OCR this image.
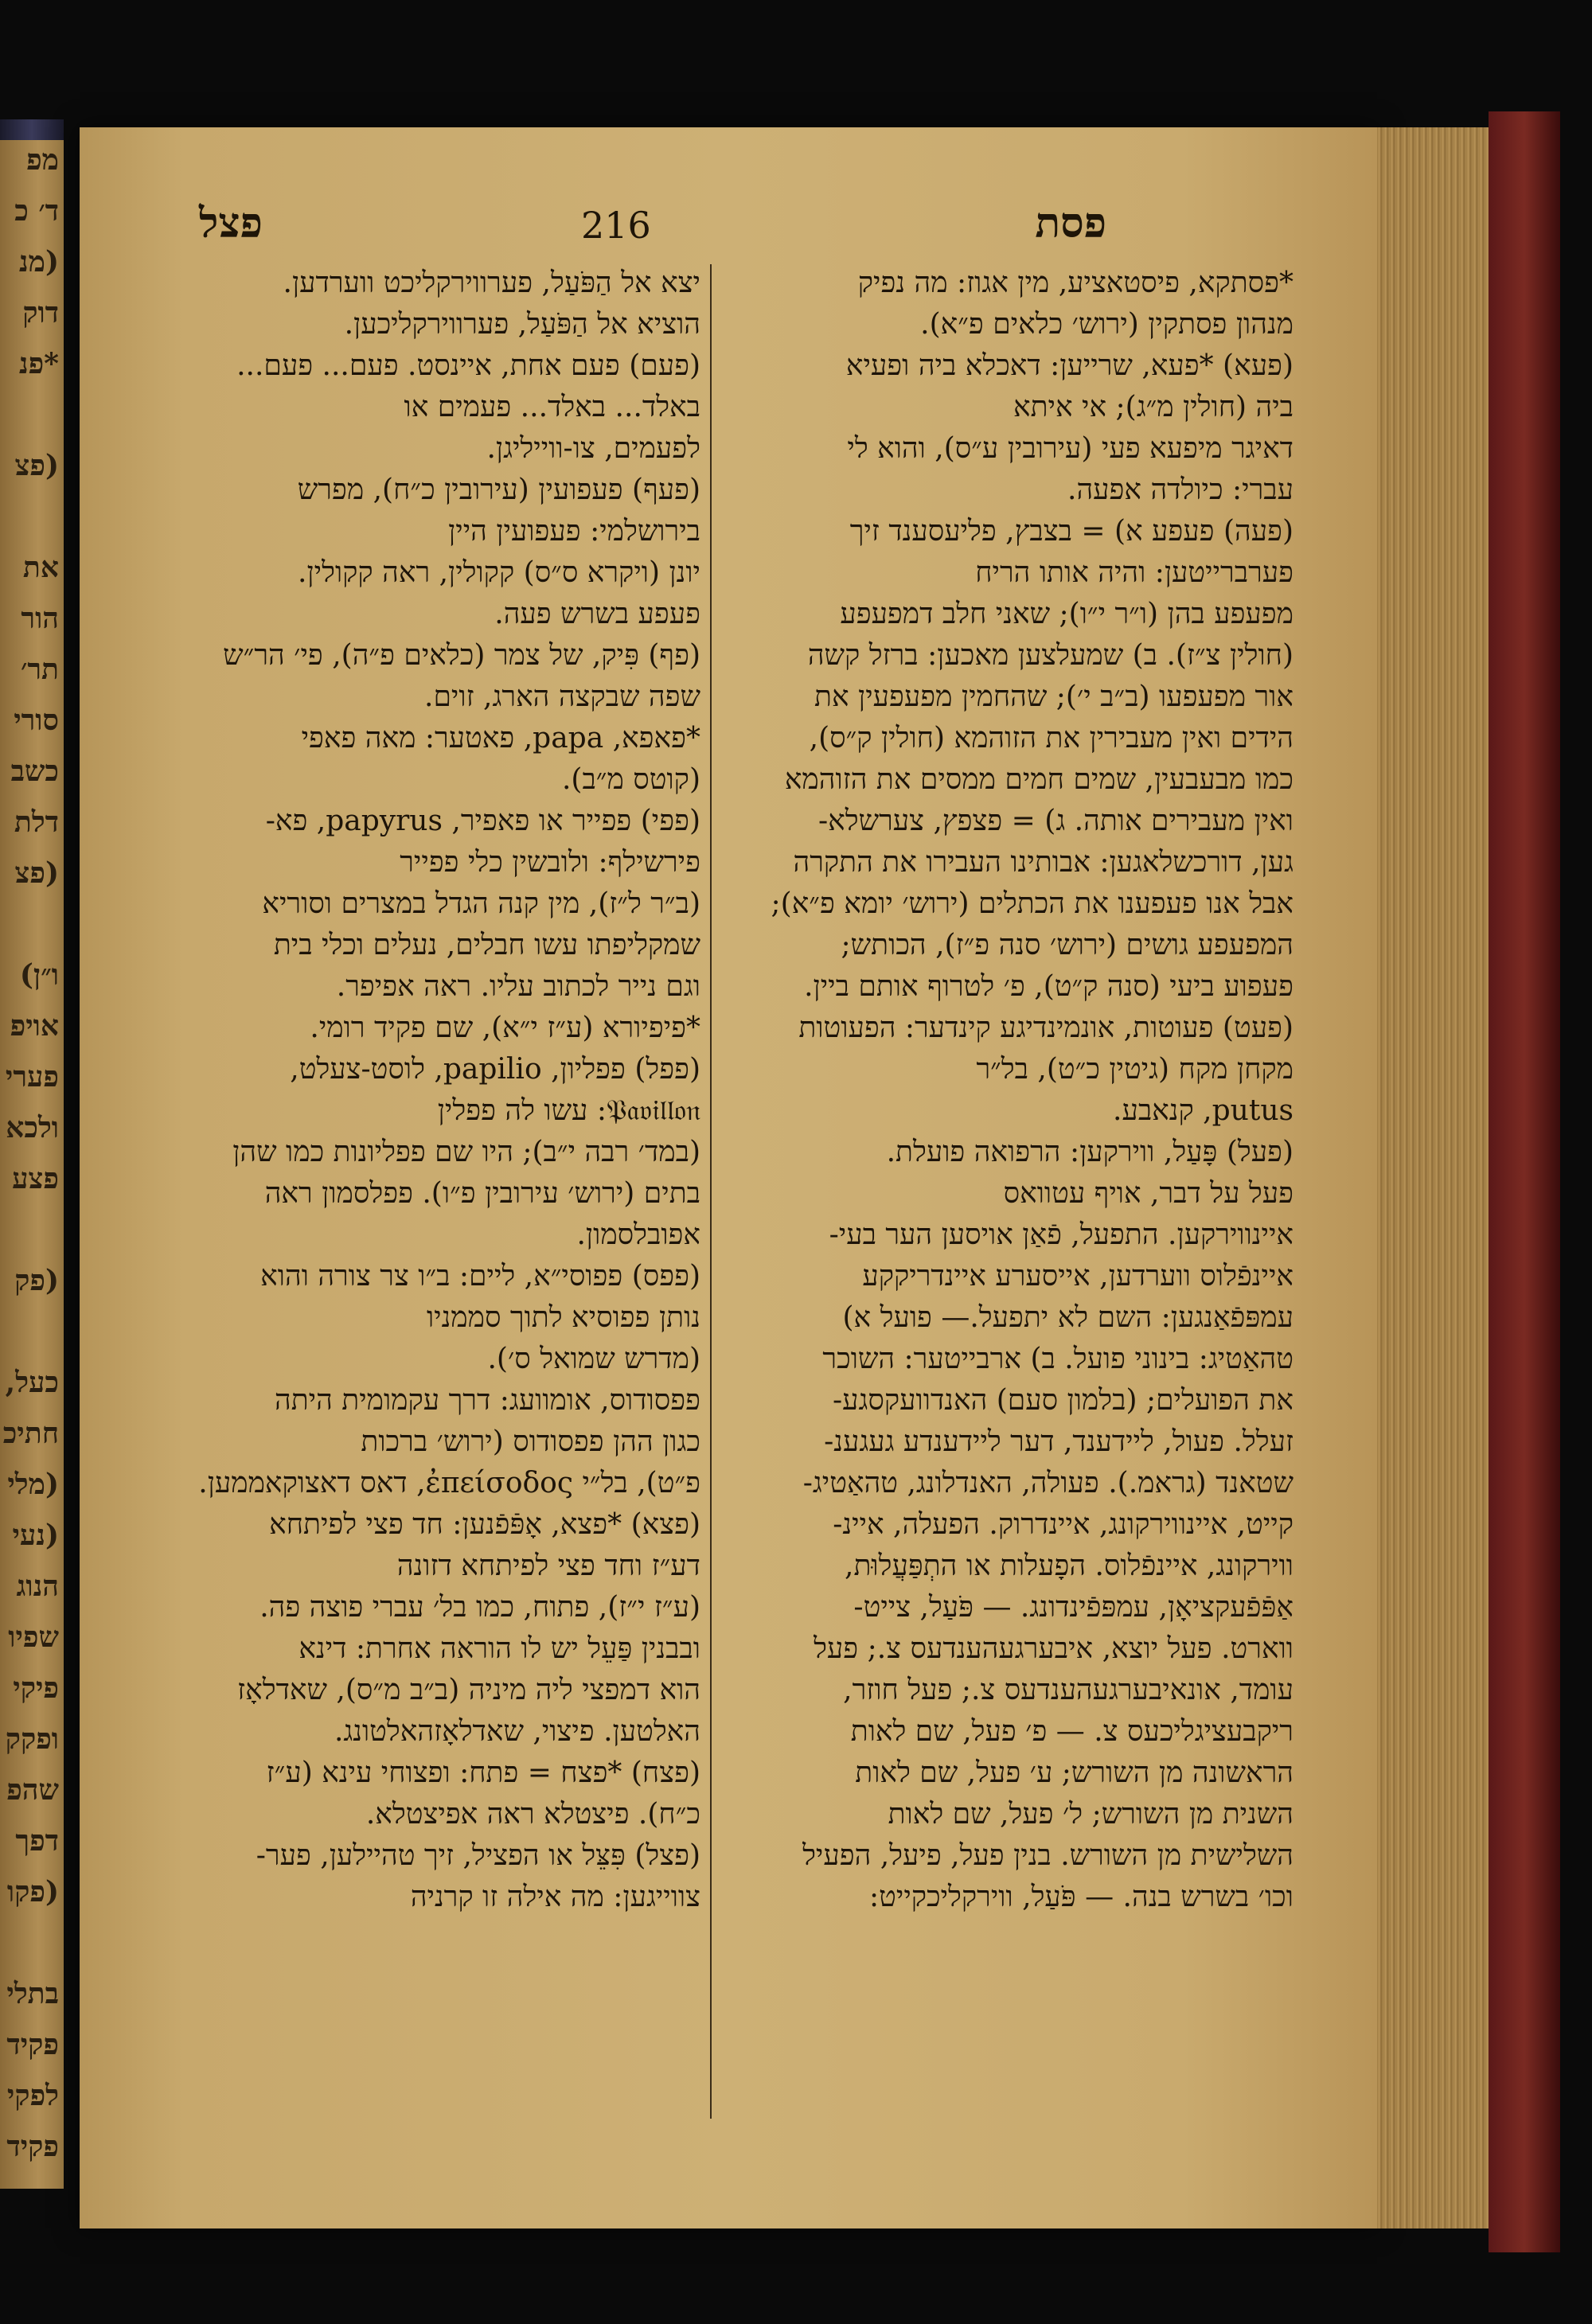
מפ
ד׳ כ
(מנ
דוק
*פנ
(פצ
את
הור
תר׳
סורי
כשב
דלת
(פצ
ו״ן)
אויפ
פערי
ולכא
פצע
(פק
כעל,
חתיכ
(מלי
(נעי
הנוג
שפיו
פיקי
ופקק
שהפ
דפך
(פקו
בתלי
פקיד
לפקי
פקיד
פצל	216	פסת
*פסתקא, פיסטאציע, מין אגוז: מה נפיק
מנהון פסתקין (ירוש׳ כלאים פ״א).
(פעא) *פעא, שרייען: דאכלא ביה ופעיא
ביה (חולין מ״ג); אי איתא
דאיגר מיפעא פעי (עירובין ע״ס), והוא לי
עברי: כיולדה אפעה.
(פעה) פעפע א) = בצבץ, פליעסענד זיך
פערברייטען: והיה אותו הריח
מפעפע בהן (ו״ר י״ו); שאני חלב דמפעפע
(חולין צ״ז). ב) שמעלצען מאכען: ברזל קשה
אור מפעפעו (ב״ב י׳); שהחמין מפעפעין את
הידים ואין מעבירין את הזוהמא (חולין ק״ס),
כמו מבעבעין, שמים חמים ממסים את הזוהמא
ואין מעבירים אותה. ג) = פצפץ, צערשלא-
גען, דורכשלאגען: אבותינו העבירו את התקרה
אבל אנו פעפענו את הכתלים (ירוש׳ יומא פ״א);
המפעפע גושים (ירוש׳ סנה פ״ז), הכותש;
פעפוע ביעי (סנה ק״ט), פ׳ לטרוף אותם ביין.
(פעט) פעוטות, אונמינדיגע קינדער: הפעוטות
מקחן מקח (גיטין כ״ט), בל״ר
putus, קנאבע.
(פעל) פָּעַל, ווירקען: הרפואה פועלת.
פעל על דבר, אויף עטוואס
איינווירקען. התפעל, פֿאַן אויסען הער בעי-
איינפֿלוס ווערדען, אייסערע איינדריקקע
עמפּפֿאַנגען: השם לא יתפעל.— פועל א)
טהאַטיג: בינוני פועל. ב) ארבייטער: השוכר
את הפועלים; (בלמון סעם) האנדוועקסגע-
זעלל. פעול, ליידענד, דער ליידענדע געגענ-
שטאנד (גראמ.). פעולה, האנדלונג, טהאַטיג-
קייט, איינווירקונג, איינדרוק. הפעלה, איינ-
ווירקונג, איינפֿלוס. הפָעלות או התְפַּעֲלוּת,
אַפּֿפֿעקציאָן, עמפּפֿינדונג. — פֹּעַל, צייט-
ווארט. פעל יוצא, איבערגעהענדעס צ.; פעל
עומד, אונאיבערגעהענדעס צ.; פעל חוזר,
ריקבעציגליכעס צ. — פ׳ פעל, שם לאות
הראשונה מן השורש; ע׳ פעל, שם לאות
השנית מן השורש; ל׳ פעל, שם לאות
השלישית מן השורש. בנין פעל, פיעל, הפעיל
וכו׳ בשרש בנה. — פֹּעַל, ווירקליכקייט:
יצא אל הַפֹּעַל, פערווירקליכט ווערדען.
הוציא אל הַפֹּעַל, פערווירקליכען.
(פעם) פעם אחת, איינסט. פעם... פעם...
באלד... באלד... פעמים או
לפעמים, צו-ווייליגן.
(פעף) פעפועין (עירובין כ״ח), מפרש
בירושלמי: פעפועין היין
יונן (ויקרא ס״ס) קקולין, ראה קקולין.
פעפע בשרש פעה.
(פף) פִּיק, של צמר (כלאים פ״ה), פי׳ הר״ש
שפה שבקצה הארג, זוים.
*פאפא, papa, פאטער: מאה פאפי
(קוטס מ״ב).
(פפי) פפייר או פאפיר, papyrus, פא-
פירשילף: ולובשין כלי פפייר
(ב״ר ל״ז), מין קנה הגדל במצרים וסוריא
שמקליפתו עשו חבלים, נעלים וכלי בית
וגם נייר לכתוב עליו. ראה אפיפר.
*פיפיורא (ע״ז י״א), שם פקיד רומי.
(פפל) פפליון, papilio, לוסט-צעלט,
𝔓𝔞𝔳𝔦𝔩𝔩𝔬𝔫: עשו לה פפלין
(במד׳ רבה י״ב); היו שם פפליונות כמו שהן
בתים (ירוש׳ עירובין פ״ו). פפלסמון ראה
אפובלסמון.
(פפס) פפוסי״א, ליים: ב״ו צר צורה והוא
נותן פפוסיא לתוך סממניו
(מדרש שמואל ס׳).
פפסודוס, אומוועג: דרך עקמומית היתה
כגון ההן פפסודוס (ירוש׳ ברכות
פ״ט), בל״י ἐπείσοδος, דאס דאצוקאממען.
(פצא) *פצא, אָפּֿפֿנען: חד פצי לפיתחא
דע״ז וחד פצי לפיתחא דזונה
(ע״ז י״ז), פתוח, כמו בל׳ עברי פוצה פה.
ובבנין פַּעֵל יש לו הוראה אחרת: דינא
הוא דמפצי ליה מיניה (ב״ב מ״ס), שאדלאָז
האלטען. פיצוי, שאדלאָזהאלטונג.
(פצח) *פצח = פתח: ופצוחי עינא (ע״ז
כ״ח). פיצטלא ראה אפיצטלא.
(פצל) פִּצֵּל או הפציל, זיך טהיילען, פער-
צווייגען: מה אילה זו קרניה
